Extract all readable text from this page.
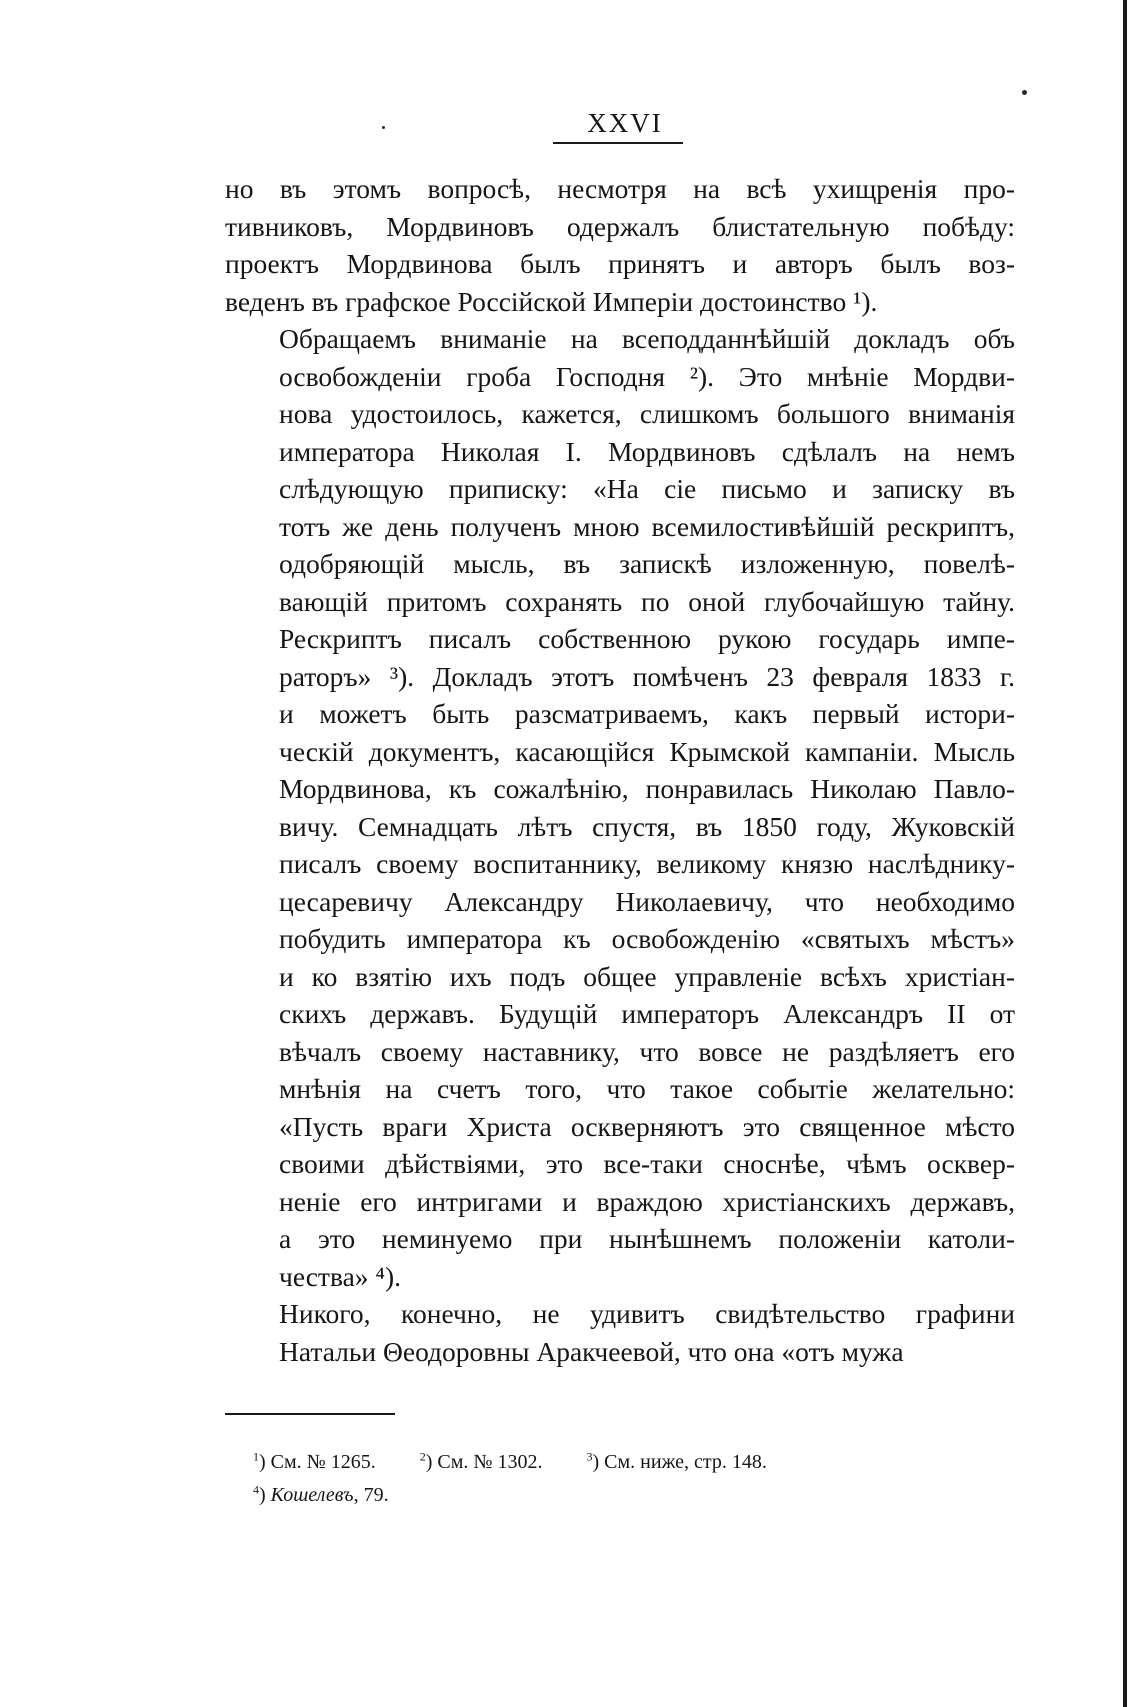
XXVI

но въ этомъ вопросѣ, несмотря на всѣ ухищренія про-
тивниковъ, Мордвиновъ одержалъ блистательную побѣду:
проектъ Мордвинова былъ принятъ и авторъ былъ воз-
веденъ въ графское Россійской Имперіи достоинство ¹).

Обращаемъ вниманіе на всеподданнѣйшій докладъ объ
освобожденіи гроба Господня ²). Это мнѣніе Мордви-
нова удостоилось, кажется, слишкомъ большого вниманія
императора Николая I. Мордвиновъ сдѣлалъ на немъ
слѣдующую приписку: «На сіе письмо и записку въ
тотъ же день полученъ мною всемилостивѣйшій рескриптъ,
одобряющій мысль, въ запискѣ изложенную, повелѣ-
вающій притомъ сохранять по оной глубочайшую тайну.
Рескриптъ писалъ собственною рукою государь импе-
раторъ» ³). Докладъ этотъ помѣченъ 23 февраля 1833 г.
и можетъ быть разсматриваемъ, какъ первый истори-
ческій документъ, касающійся Крымской кампаніи. Мысль
Мордвинова, къ сожалѣнію, понравилась Николаю Павло-
вичу. Семнадцать лѣтъ спустя, въ 1850 году, Жуковскій
писалъ своему воспитаннику, великому князю наслѣднику-
цесаревичу Александру Николаевичу, что необходимо
побудить императора къ освобожденію «святыхъ мѣстъ»
и ко взятію ихъ подъ общее управленіе всѣхъ христіан-
скихъ державъ. Будущій императоръ Александръ II от
вѣчалъ своему наставнику, что вовсе не раздѣляетъ его
мнѣнія на счетъ того, что такое событіе желательно:
«Пусть враги Христа оскверняютъ это священное мѣсто
своими дѣйствіями, это все-таки сноснѣе, чѣмъ осквер-
неніе его интригами и враждою христіанскихъ державъ,
а это неминуемо при нынѣшнемъ положеніи католи-
чества» ⁴).

Никого, конечно, не удивитъ свидѣтельство графини
Натальи Θеодоровны Аракчеевой, что она «отъ мужа

$^1$) См. № 1265.	$^2$) См. № 1302.	$^3$) См. ниже, стр. 148.
$^4$) Кошелевъ, 79.
